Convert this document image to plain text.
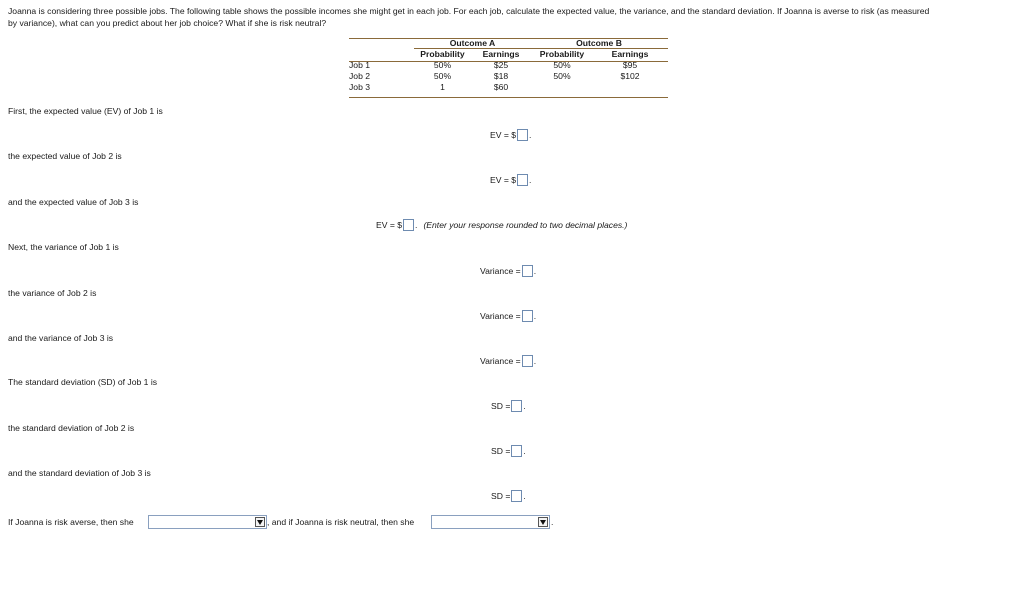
Joanna is considering three possible jobs. The following table shows the possible incomes she might get in each job. For each job, calculate the expected value, the variance, and the standard deviation. If Joanna is averse to risk (as measured
by variance), what can you predict about her job choice? What if she is risk neutral?
	Outcome A		Outcome B	
	Probability	Earnings	Probability	Earnings
Job 1	50%	$25	50%	$95
Job 2	50%	$18	50%	$102
Job 3	1	$60		
First, the expected value (EV) of Job 1 is
EV = $ .
the expected value of Job 2 is
EV = $ .
and the expected value of Job 3 is
EV = $ . (Enter your response rounded to two decimal places.)
Next, the variance of Job 1 is
Variance = .
the variance of Job 2 is
Variance = .
and the variance of Job 3 is
Variance = .
The standard deviation (SD) of Job 1 is
SD = .
the standard deviation of Job 2 is
SD = .
and the standard deviation of Job 3 is
SD = .
If Joanna is risk averse, then she	, and if Joanna is risk neutral, then she	.
